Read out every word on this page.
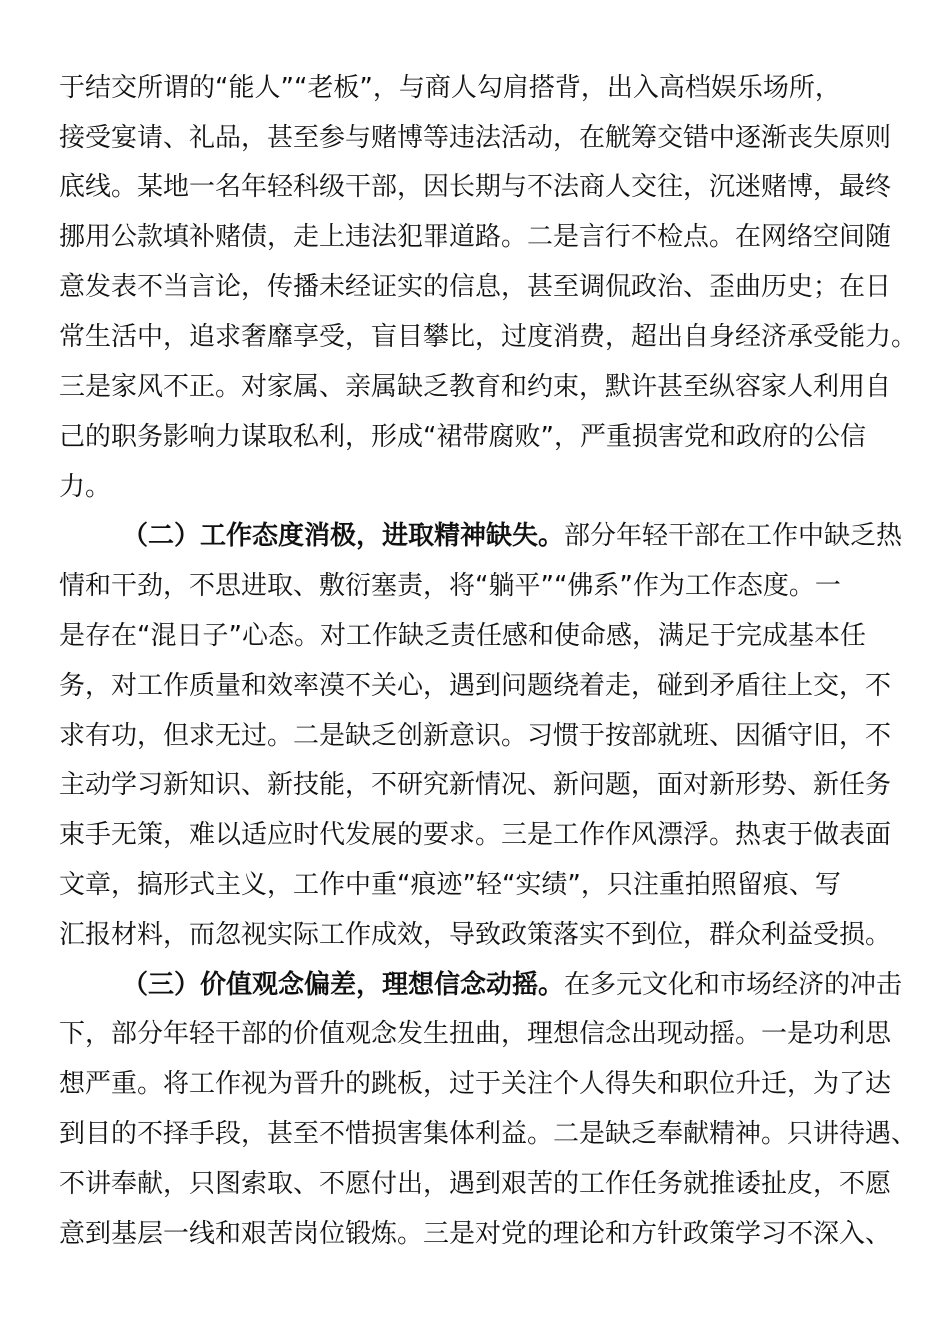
于结交所谓的“能人”“老板”，与商人勾肩搭背，出入高档娱乐场所，
接受宴请、礼品，甚至参与赌博等违法活动，在觥筹交错中逐渐丧失原则
底线。某地一名年轻科级干部，因长期与不法商人交往，沉迷赌博，最终
挪用公款填补赌债，走上违法犯罪道路。二是言行不检点。在网络空间随
意发表不当言论，传播未经证实的信息，甚至调侃政治、歪曲历史；在日
常生活中，追求奢靡享受，盲目攀比，过度消费，超出自身经济承受能力。
三是家风不正。对家属、亲属缺乏教育和约束，默许甚至纵容家人利用自
己的职务影响力谋取私利，形成“裙带腐败”，严重损害党和政府的公信
力。
（二）工作态度消极，进取精神缺失。部分年轻干部在工作中缺乏热
情和干劲，不思进取、敷衍塞责，将“躺平”“佛系”作为工作态度。一
是存在“混日子”心态。对工作缺乏责任感和使命感，满足于完成基本任
务，对工作质量和效率漠不关心，遇到问题绕着走，碰到矛盾往上交，不
求有功，但求无过。二是缺乏创新意识。习惯于按部就班、因循守旧，不
主动学习新知识、新技能，不研究新情况、新问题，面对新形势、新任务
束手无策，难以适应时代发展的要求。三是工作作风漂浮。热衷于做表面
文章，搞形式主义，工作中重“痕迹”轻“实绩”，只注重拍照留痕、写
汇报材料，而忽视实际工作成效，导致政策落实不到位，群众利益受损。
（三）价值观念偏差，理想信念动摇。在多元文化和市场经济的冲击
下，部分年轻干部的价值观念发生扭曲，理想信念出现动摇。一是功利思
想严重。将工作视为晋升的跳板，过于关注个人得失和职位升迁，为了达
到目的不择手段，甚至不惜损害集体利益。二是缺乏奉献精神。只讲待遇、
不讲奉献，只图索取、不愿付出，遇到艰苦的工作任务就推诿扯皮，不愿
意到基层一线和艰苦岗位锻炼。三是对党的理论和方针政策学习不深入、
